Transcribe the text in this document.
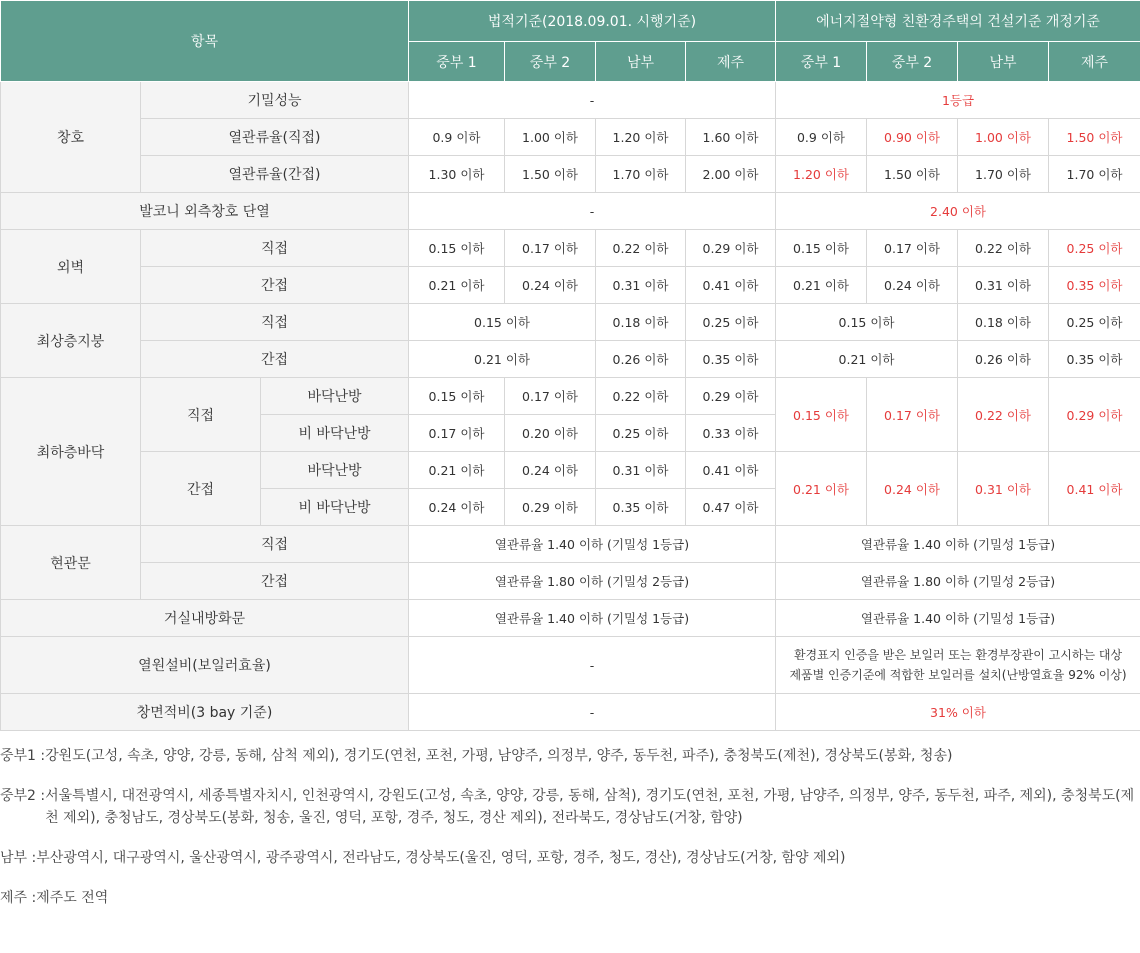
항목			법적기준(2018.09.01. 시행기준)				에너지절약형 친환경주택의 건설기준 개정기준			
			중부 1	중부 2	남부	제주	중부 1	중부 2	남부	제주
창호	기밀성능		-				1등급			
	열관류율(직접)		0.9 이하	1.00 이하	1.20 이하	1.60 이하	0.9 이하	0.90 이하	1.00 이하	1.50 이하
	열관류율(간접)		1.30 이하	1.50 이하	1.70 이하	2.00 이하	1.20 이하	1.50 이하	1.70 이하	1.70 이하
발코니 외측창호 단열			-				2.40 이하			
외벽	직접		0.15 이하	0.17 이하	0.22 이하	0.29 이하	0.15 이하	0.17 이하	0.22 이하	0.25 이하
	간접		0.21 이하	0.24 이하	0.31 이하	0.41 이하	0.21 이하	0.24 이하	0.31 이하	0.35 이하
최상층지붕	직접		0.15 이하		0.18 이하	0.25 이하	0.15 이하		0.18 이하	0.25 이하
	간접		0.21 이하		0.26 이하	0.35 이하	0.21 이하		0.26 이하	0.35 이하
최하층바닥	직접	바닥난방	0.15 이하	0.17 이하	0.22 이하	0.29 이하	0.15 이하	0.17 이하	0.22 이하	0.29 이하
		비 바닥난방	0.17 이하	0.20 이하	0.25 이하	0.33 이하				
	간접	바닥난방	0.21 이하	0.24 이하	0.31 이하	0.41 이하	0.21 이하	0.24 이하	0.31 이하	0.41 이하
		비 바닥난방	0.24 이하	0.29 이하	0.35 이하	0.47 이하				
현관문	직접		열관류율 1.40 이하 (기밀성 1등급)				열관류율 1.40 이하 (기밀성 1등급)			
	간접		열관류율 1.80 이하 (기밀성 2등급)				열관류율 1.80 이하 (기밀성 2등급)			
거실내방화문			열관류율 1.40 이하 (기밀성 1등급)				열관류율 1.40 이하 (기밀성 1등급)			
열원설비(보일러효율)			-				환경표지 인증을 받은 보일러 또는 환경부장관이 고시하는 대상
제품별 인증기준에 적합한 보일러를 설치(난방열효율 92% 이상)			

창면적비(3 bay 기준)			-				31% 이하			
중부1 : 강원도(고성, 속초, 양양, 강릉, 동해, 삼척 제외), 경기도(연천, 포천, 가평, 남양주, 의정부, 양주, 동두천, 파주), 충청북도(제천), 경상북도(봉화, 청송)
중부2 : 서울특별시, 대전광역시, 세종특별자치시, 인천광역시, 강원도(고성, 속초, 양양, 강릉, 동해, 삼척), 경기도(연천, 포천, 가평, 남양주, 의정부, 양주, 동두천, 파주, 제외), 충청북도(제천 제외), 충청남도, 경상북도(봉화, 청송, 울진, 영덕, 포항, 경주, 청도, 경산 제외), 전라북도, 경상남도(거창, 함양)
남부 : 부산광역시, 대구광역시, 울산광역시, 광주광역시, 전라남도, 경상북도(울진, 영덕, 포항, 경주, 청도, 경산), 경상남도(거창, 함양 제외)
제주 : 제주도 전역
